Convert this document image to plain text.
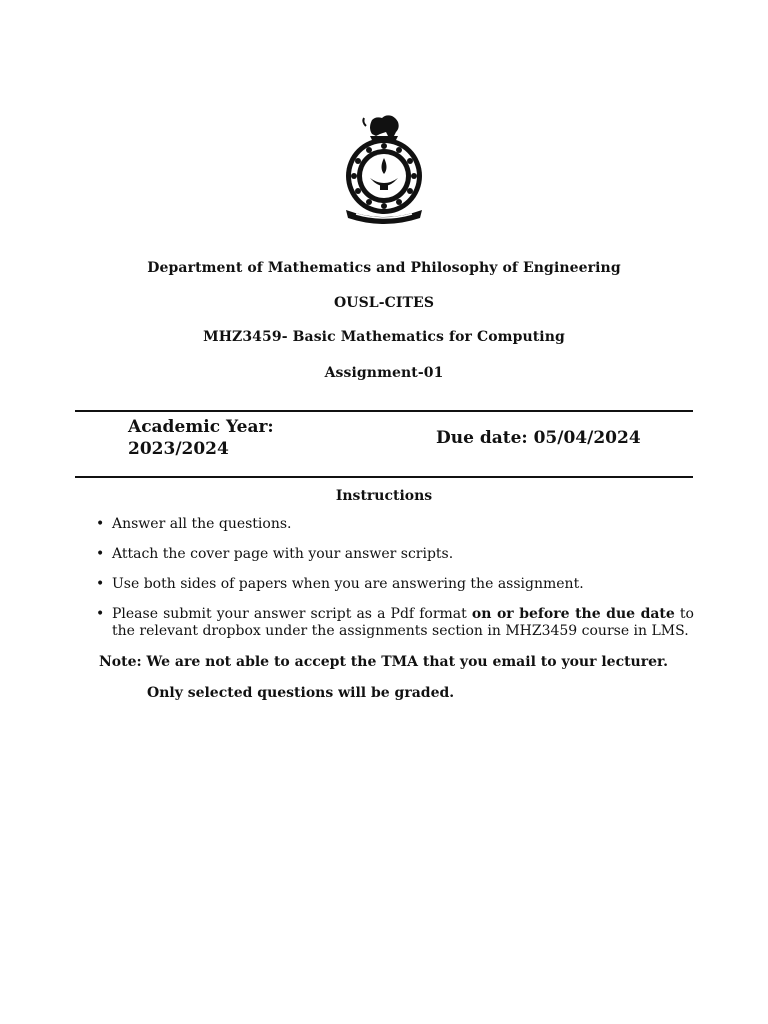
Department of Mathematics and Philosophy of Engineering
OUSL-CITES
MHZ3459- Basic Mathematics for Computing
Assignment-01
Academic Year:
2023/2024
Due date: 05/04/2024
Instructions
• Answer all the questions.
• Attach the cover page with your answer scripts.
• Use both sides of papers when you are answering the assignment.
• Please submit your answer script as a Pdf format on or before the due date to the relevant dropbox under the assignments section in MHZ3459 course in LMS.
Note: We are not able to accept the TMA that you email to your lecturer.
Only selected questions will be graded.
